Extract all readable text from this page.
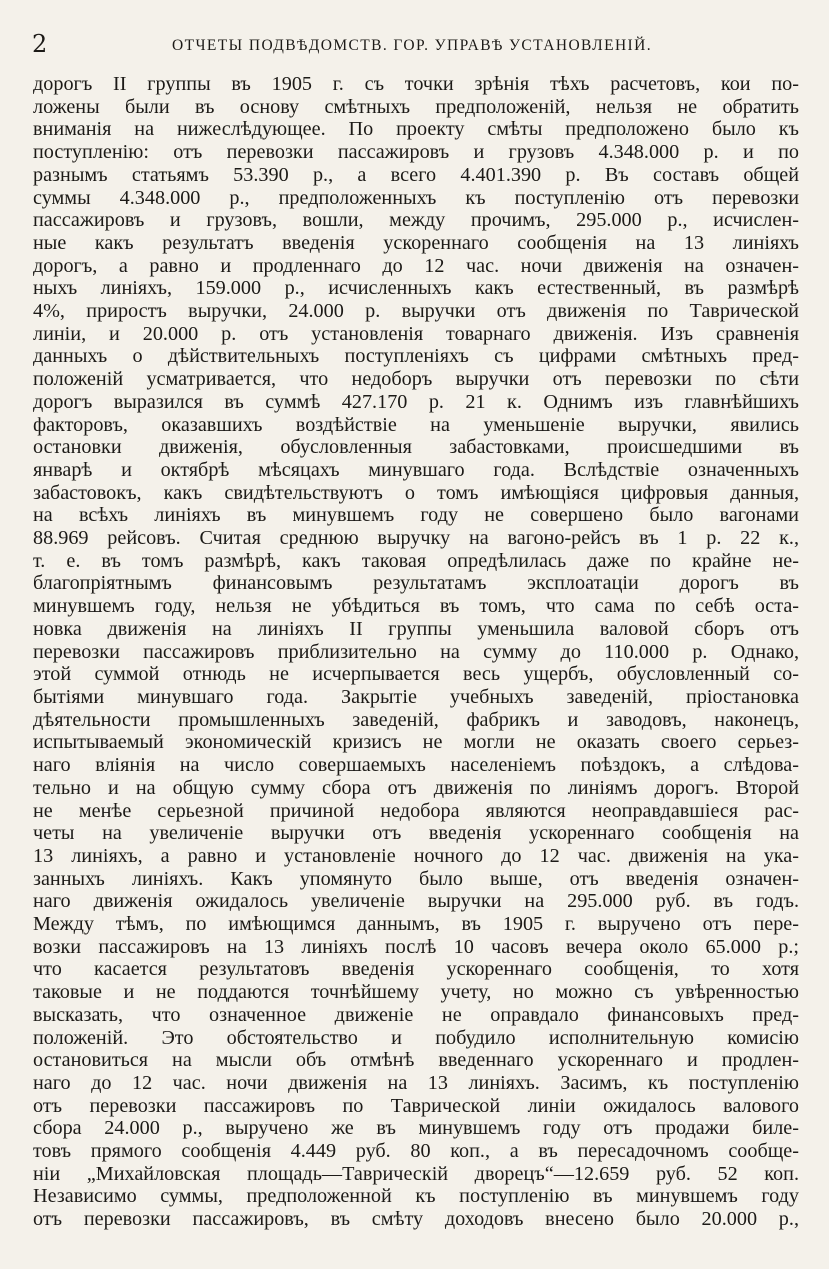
2	ОТЧЕТЫ ПОДВѢДОМСТВ. ГОР. УПРАВѢ УСТАНОВЛЕНІЙ.
дорогъ II группы въ 1905 г. съ точки зрѣнія тѣхъ расчетовъ, кои по-
ложены были въ основу смѣтныхъ предположеній, нельзя не обратить
вниманія на нижеслѣдующее. По проекту смѣты предположено было къ
поступленію: отъ перевозки пассажировъ и грузовъ 4.348.000 р. и по
разнымъ статьямъ 53.390 р., а всего 4.401.390 р. Въ составъ общей
суммы 4.348.000 р., предположенныхъ къ поступленію отъ перевозки
пассажировъ и грузовъ, вошли, между прочимъ, 295.000 р., исчислен-
ные какъ результатъ введенія ускореннаго сообщенія на 13 линіяхъ
дорогъ, а равно и продленнаго до 12 час. ночи движенія на означен-
ныхъ линіяхъ, 159.000 р., исчисленныхъ какъ естественный, въ размѣрѣ
4%, приростъ выручки, 24.000 р. выручки отъ движенія по Таврической
линіи, и 20.000 р. отъ установленія товарнаго движенія. Изъ сравненія
данныхъ о дѣйствительныхъ поступленіяхъ съ цифрами смѣтныхъ пред-
положеній усматривается, что недоборъ выручки отъ перевозки по сѣти
дорогъ выразился въ суммѣ 427.170 р. 21 к. Однимъ изъ главнѣйшихъ
факторовъ, оказавшихъ воздѣйствіе на уменьшеніе выручки, явились
остановки движенія, обусловленныя забастовками, происшедшими въ
январѣ и октябрѣ мѣсяцахъ минувшаго года. Вслѣдствіе означенныхъ
забастовокъ, какъ свидѣтельствуютъ о томъ имѣющіяся цифровыя данныя,
на всѣхъ линіяхъ въ минувшемъ году не совершено было вагонами
88.969 рейсовъ. Считая среднюю выручку на вагоно-рейсъ въ 1 р. 22 к.,
т. е. въ томъ размѣрѣ, какъ таковая опредѣлилась даже по крайне не-
благопріятнымъ финансовымъ результатамъ эксплоатаціи дорогъ въ
минувшемъ году, нельзя не убѣдиться въ томъ, что сама по себѣ оста-
новка движенія на линіяхъ II группы уменьшила валовой сборъ отъ
перевозки пассажировъ приблизительно на сумму до 110.000 р. Однако,
этой суммой отнюдь не исчерпывается весь ущербъ, обусловленный со-
бытіями минувшаго года. Закрытіе учебныхъ заведеній, пріостановка
дѣятельности промышленныхъ заведеній, фабрикъ и заводовъ, наконецъ,
испытываемый экономическій кризисъ не могли не оказать своего серьез-
наго вліянія на число совершаемыхъ населеніемъ поѣздокъ, а слѣдова-
тельно и на общую сумму сбора отъ движенія по линіямъ дорогъ. Второй
не менѣе серьезной причиной недобора являются неоправдавшіеся рас-
четы на увеличеніе выручки отъ введенія ускореннаго сообщенія на
13 линіяхъ, а равно и установленіе ночного до 12 час. движенія на ука-
занныхъ линіяхъ. Какъ упомянуто было выше, отъ введенія означен-
наго движенія ожидалось увеличеніе выручки на 295.000 руб. въ годъ.
Между тѣмъ, по имѣющимся даннымъ, въ 1905 г. выручено отъ пере-
возки пассажировъ на 13 линіяхъ послѣ 10 часовъ вечера около 65.000 р.;
что касается результатовъ введенія ускореннаго сообщенія, то хотя
таковые и не поддаются точнѣйшему учету, но можно съ увѣренностью
высказать, что означенное движеніе не оправдало финансовыхъ пред-
положеній. Это обстоятельство и побудило исполнительную комисію
остановиться на мысли объ отмѣнѣ введеннаго ускореннаго и продлен-
наго до 12 час. ночи движенія на 13 линіяхъ. Засимъ, къ поступленію
отъ перевозки пассажировъ по Таврической линіи ожидалось валового
сбора 24.000 р., выручено же въ минувшемъ году отъ продажи билe-
товъ прямого сообщенія 4.449 руб. 80 коп., а въ пересадочномъ сообще-
ніи „Михайловская площадь—Таврическій дворецъ“—12.659 руб. 52 коп.
Независимо суммы, предположенной къ поступленію въ минувшемъ году
отъ перевозки пассажировъ, въ смѣту доходовъ внесено было 20.000 р.,
